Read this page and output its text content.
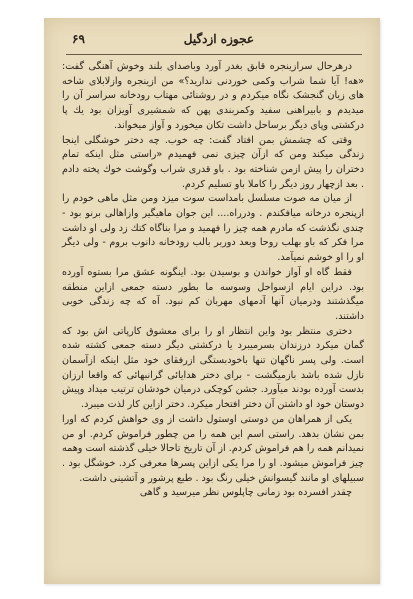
عجوزه ازدگیل
۶۹

درهرحال سرازینجره قابق بغدر آورد وباصدای بلند وخوش آهنگی گفت: «هه! آیا شما شراب وکمی خوردنی ندارید؟» من ازینجره وازلابلای شاخه های زیان گنجشک نگاه میکردم و در روشنائی مهتاب رودخانه سراسر آن را میدیدم و بابیراهنی سفید وکمربندی پهن که شمشیری آویزان بود یك پا درکشتی وپای دیگر برساحل داشت تکان میخورد و آواز میخواند.

وقتی که چشمش بمن افتاد گفت: چه خوب. چه دختر خوشگلی اینجا زندگی میکند ومن که ازآن چیزی نمی فهمیدم «راستی مثل اینکه تمام دختران را پیش ازمن شناخته بود . باو قدری شراب وگوشت خوك پخته دادم . بعد ازچهار روز دیگر را کاملا باو تسلیم کردم.

از میان مه صوت مسلسل بامداست سوت میزد ومن مثل ماهی خودم را ازپنجره درخانه میافکندم . ودرراه.... این جوان ماهیگیر وازاهالی برنو بود - چندی نگذشت که مادرم همه چیز را فهمید و مرا بناگاه کتك زد ولی او داشت مرا فکر که باو بهلب روحا وبعد دوربر بالب رودخانه دانوب بروم - ولی دیگر او را او خوشم نمیآمد.

فقط گاه او آواز خواندن و بوسیدن بود. اینگونه عشق مرا بستوه آورده بود. دراین ایام ازسواحل وسوسه ما بطور دسته جمعی ازاین منطقه میگذشتند ودرمیان آنها آدمهای مهربان کم نبود. آه که چه زندگی خوبی داشتند.

دختری منتظر بود واین انتظار او را برای معشوق کارپاتی اش بود که گمان میکرد درزندان بسرمیبرد یا درکشتی دیگر دسته جمعی کشته شده است. ولی پسر ناگهان تنها باخودبستگی ازرفقای خود مثل اینکه ازآسمان نازل شده باشد بازمیگشت - برای دختر هدایائی گرانبهائی که واقعا ارزان بدست آورده بودند میآورد. جشن کوچکی درمیان خودشان ترتیب میداد وپیش دوستان خود او داشتن آن دختر افتخار میکرد. دختر ازاین کار لذت میبرد.

یکی از همراهان من دوستی اوستول داشت از وی خواهش کردم که اورا بمن نشان بدهد. راستی اسم این همه را من چطور فراموش کردم. او من نمیدانم همه را هم فراموش کردم. از آن تاریخ تاحالا خیلی گذشته است وهمه چیز فراموش میشود. او را مرا یکی ازاین پسرها معرفی کرد. خوشگل بود . سبیلهای او مانند گیسوانش خیلی رنگ بود . طبع پرشور و آتشینی داشت.

چقدر افسرده بود زمانی چاپلوس نظر میرسید و گاهی
